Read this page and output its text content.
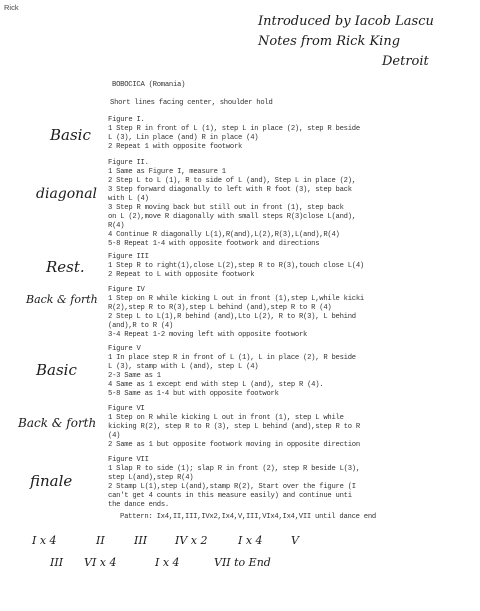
Rick
Introduced by Iacob Lascu
Notes from Rick King
Detroit
BOBOCICA (Romania)
Short lines facing center, shoulder hold
Figure I.
1 Step R in front of L (1), step L in place (2), step R beside
L (3), Lin place (and) R in place (4)
2 Repeat 1 with opposite footwork
Figure II.
1 Same as Figure I, measure 1
2 Step L to L (1), R to side of L (and), Step L in place (2),
3 Step forward diagonally to left with R foot (3), step back
with L (4)
3 Step R moving back but still out in front (1), step back
on L (2),move R diagonally with small steps R(3)close L(and),
R(4)
4 Continue R diagonally L(1),R(and),L(2),R(3),L(and),R(4)
5-8 Repeat 1-4 with opposite footwork and directions
Figure III
1 Step R to right(1),close L(2),step R to R(3),touch close L(4)
2 Repeat to L with opposite footwork
Figure IV
1 Step on R while kicking L out in front (1),step L,while kicki
R(2),step R to R(3),step L behind (and),step R to R (4)
2 Step L to L(1),R behind (and),Lto L(2), R to R(3), L behind
(and),R to R (4)
3-4 Repeat 1-2 moving left with opposite footwork
Figure V
1 In place step R in front of L (1), L in place (2), R beside
L (3), stamp with L (and), step L (4)
2-3 Same as 1
4 Same as 1 except end with step L (and), step R (4).
5-8 Same as 1-4 but with opposite footwork
Figure VI
1 Step on R while kicking L out in front (1), step L while
kicking R(2), step R to R (3), step L behind (and),step R to R
(4)
2 Same as 1 but opposite footwork moving in opposite direction
Figure VII
1 Slap R to side (1); slap R in front (2), step R beside L(3),
step L(and),step R(4)
2 Stamp L(1),step L(and),stamp R(2), Start over the figure (I
can't get 4 counts in this measure easily) and continue unti
the dance ends.
Pattern: Ix4,II,III,IVx2,Ix4,V,III,VIx4,Ix4,VII until dance end
Basic
diagonal
Rest.
Back & forth
Basic
Back & forth
finale
I x 4	II	III	IV x 2	I x 4	V
III VI x 4	I x 4	VII to End
